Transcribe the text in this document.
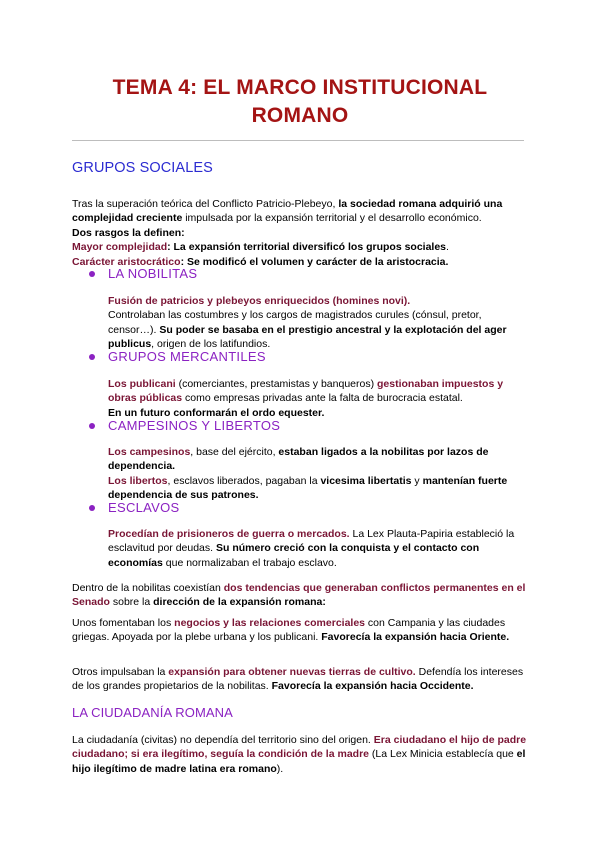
TEMA 4: EL MARCO INSTITUCIONAL
ROMANO
GRUPOS SOCIALES

Tras la superación teórica del Conflicto Patricio-Plebeyo, la sociedad romana adquirió una complejidad creciente impulsada por la expansión territorial y el desarrollo económico.
Dos rasgos la definen:
Mayor complejidad: La expansión territorial diversificó los grupos sociales.
Carácter aristocrático: Se modificó el volumen y carácter de la aristocracia.

LA NOBILITAS

Fusión de patricios y plebeyos enriquecidos (homines novi).
Controlaban las costumbres y los cargos de magistrados curules (cónsul, pretor, censor…). Su poder se basaba en el prestigio ancestral y la explotación del ager publicus, origen de los latifundios.

GRUPOS MERCANTILES

Los publicani (comerciantes, prestamistas y banqueros) gestionaban impuestos y obras públicas como empresas privadas ante la falta de burocracia estatal.
En un futuro conformarán el ordo equester.

CAMPESINOS Y LIBERTOS

Los campesinos, base del ejército, estaban ligados a la nobilitas por lazos de dependencia.
Los libertos, esclavos liberados, pagaban la vicesima libertatis y mantenían fuerte dependencia de sus patrones.

ESCLAVOS

Procedían de prisioneros de guerra o mercados. La Lex Plauta-Papiria estableció la esclavitud por deudas. Su número creció con la conquista y el contacto con economías que normalizaban el trabajo esclavo.

Dentro de la nobilitas coexistían dos tendencias que generaban conflictos permanentes en el Senado sobre la dirección de la expansión romana:

Unos fomentaban los negocios y las relaciones comerciales con Campania y las ciudades griegas. Apoyada por la plebe urbana y los publicani. Favorecía la expansión hacia Oriente.

Otros impulsaban la expansión para obtener nuevas tierras de cultivo. Defendía los intereses de los grandes propietarios de la nobilitas. Favorecía la expansión hacia Occidente.

LA CIUDADANÍA ROMANA

La ciudadanía (civitas) no dependía del territorio sino del origen. Era ciudadano el hijo de padre ciudadano; si era ilegítimo, seguía la condición de la madre (La Lex Minicia establecía que el hijo ilegítimo de madre latina era romano).
